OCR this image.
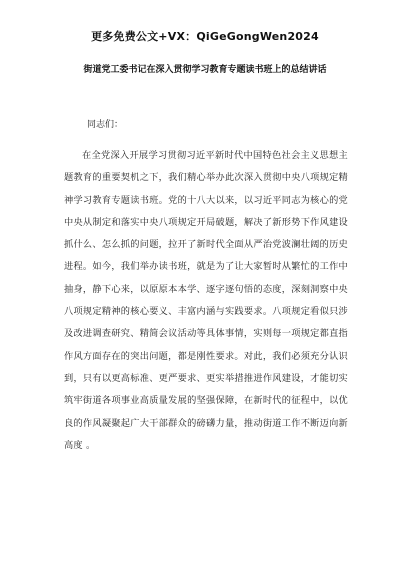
更多免费公文+VX：QiGeGongWen2024
街道党工委书记在深入贯彻学习教育专题读书班上的总结讲话
同志们：
在全党深入开展学习贯彻习近平新时代中国特色社会主义思想主题教育的重要契机之下，我们精心举办此次深入贯彻中央八项规定精神学习教育专题读书班。党的十八大以来，以习近平同志为核心的党中央从制定和落实中央八项规定开局破题，解决了新形势下作风建设抓什么、怎么抓的问题，拉开了新时代全面从严治党波澜壮阔的历史进程。如今，我们举办读书班，就是为了让大家暂时从繁忙的工作中抽身，静下心来，以原原本本学、逐字逐句悟的态度，深刻洞察中央八项规定精神的核心要义、丰富内涵与实践要求。八项规定看似只涉及改进调查研究、精简会议活动等具体事情，实则每一项规定都直指作风方面存在的突出问题，都是刚性要求。对此，我们必须充分认识到，只有以更高标准、更严要求、更实举措推进作风建设，才能切实筑牢街道各项事业高质量发展的坚强保障，在新时代的征程中，以优良的作风凝聚起广大干部群众的磅礴力量，推动街道工作不断迈向新高度 。
